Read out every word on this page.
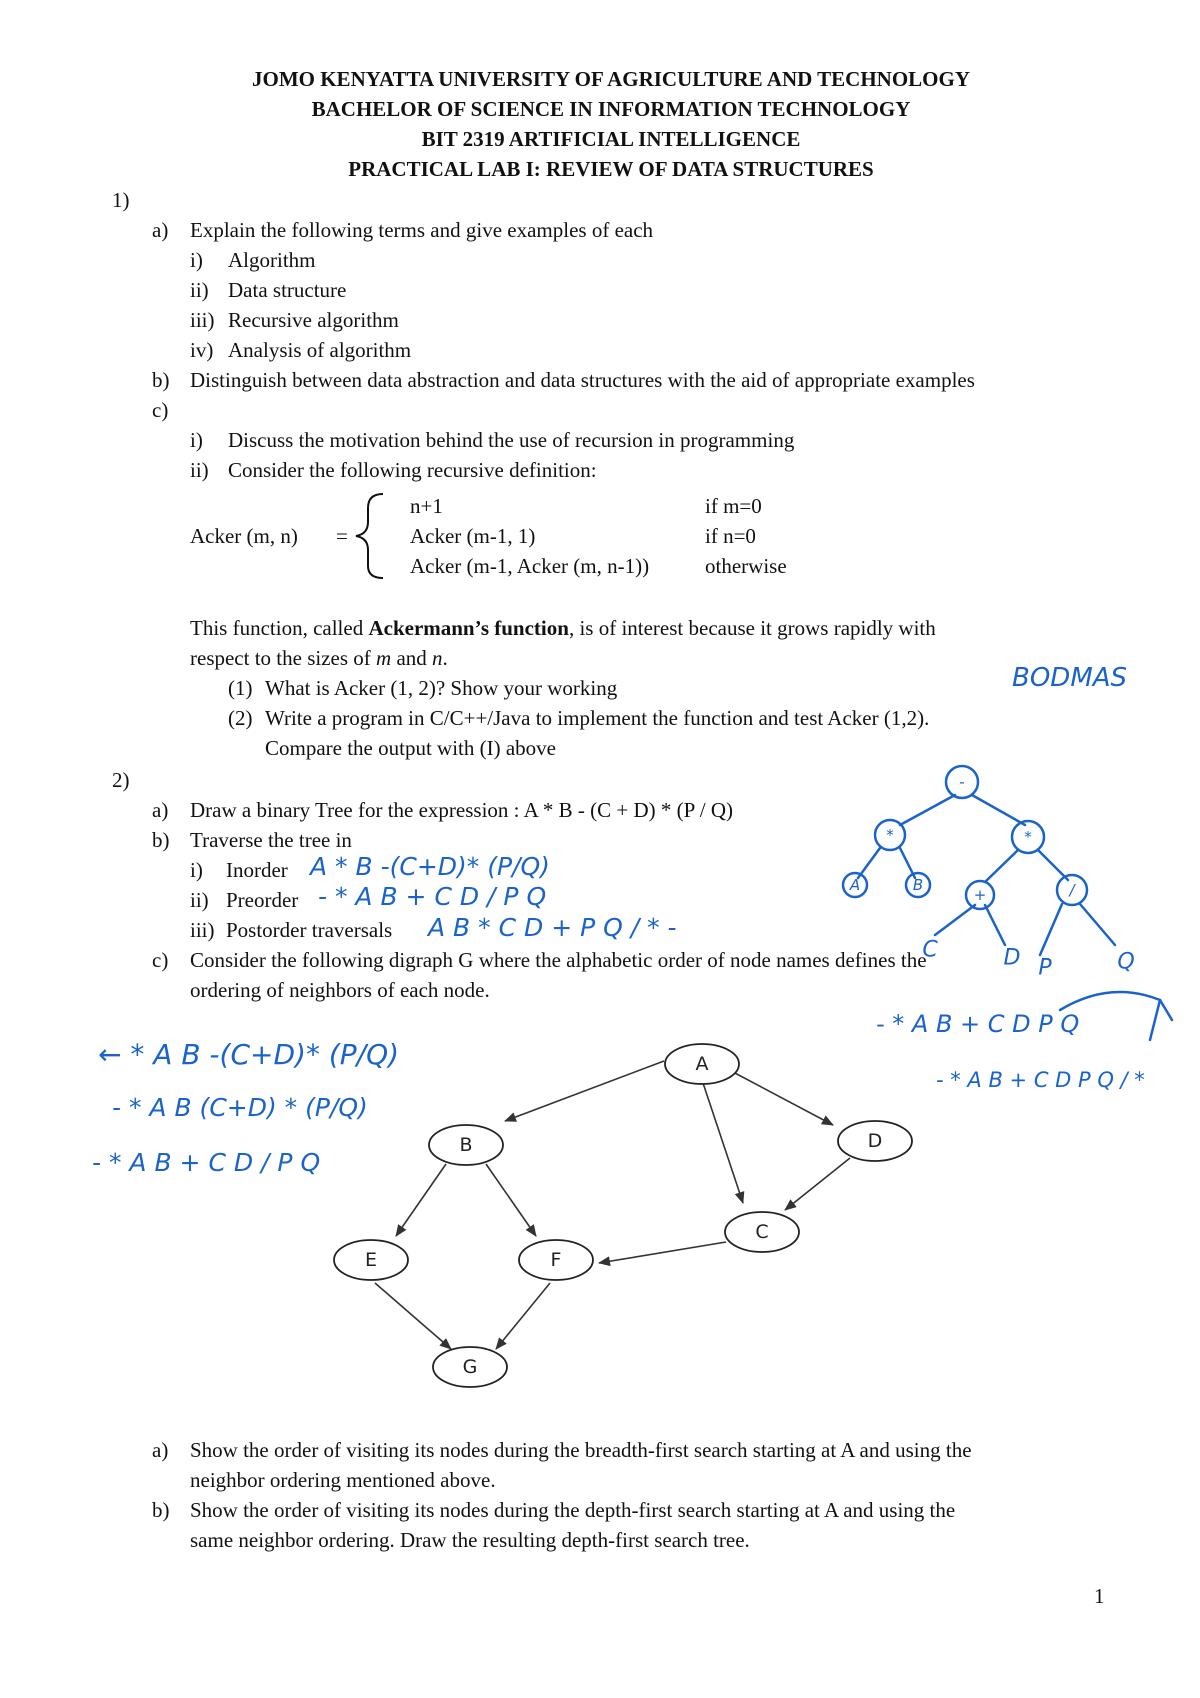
JOMO KENYATTA UNIVERSITY OF AGRICULTURE AND TECHNOLOGY
BACHELOR OF SCIENCE IN INFORMATION TECHNOLOGY
BIT 2319 ARTIFICIAL INTELLIGENCE
PRACTICAL LAB I: REVIEW OF DATA STRUCTURES
1)
a) Explain the following terms and give examples of each
i) Algorithm
ii) Data structure
iii) Recursive algorithm
iv) Analysis of algorithm
b) Distinguish between data abstraction and data structures with the aid of appropriate examples
c)
i) Discuss the motivation behind the use of recursion in programming
ii) Consider the following recursive definition:
Acker (m, n) =
n+1	if m=0
Acker (m-1, 1)	if n=0
Acker (m-1, Acker (m, n-1))	otherwise
This function, called Ackermann’s function, is of interest because it grows rapidly with
respect to the sizes of m and n.
(1) What is Acker (1, 2)? Show your working
(2) Write a program in C/C++/Java to implement the function and test Acker (1,2).
Compare the output with (I) above
2)
a) Draw a binary Tree for the expression : A * B - (C + D) * (P / Q)
b) Traverse the tree in
i) Inorder
ii) Preorder
iii) Postorder traversals
c) Consider the following digraph G where the alphabetic order of node names defines the
ordering of neighbors of each node.
a) Show the order of visiting its nodes during the breadth-first search starting at A and using the
neighbor ordering mentioned above.
b) Show the order of visiting its nodes during the depth-first search starting at A and using the
same neighbor ordering. Draw the resulting depth-first search tree.
1
BODMAS
A * B -(C+D)* (P/Q)
- * A B + C D / P Q
A B * C D + P Q / * -
← * A B -(C+D)* (P/Q)
- * A B (C+D) * (P/Q)
- * A B + C D / P Q
- * A B + C D P Q
- * A B + C D P Q / *
A
B
C
D
E	F
G
-
*	*
A	B
+	/
C	D P	Q
